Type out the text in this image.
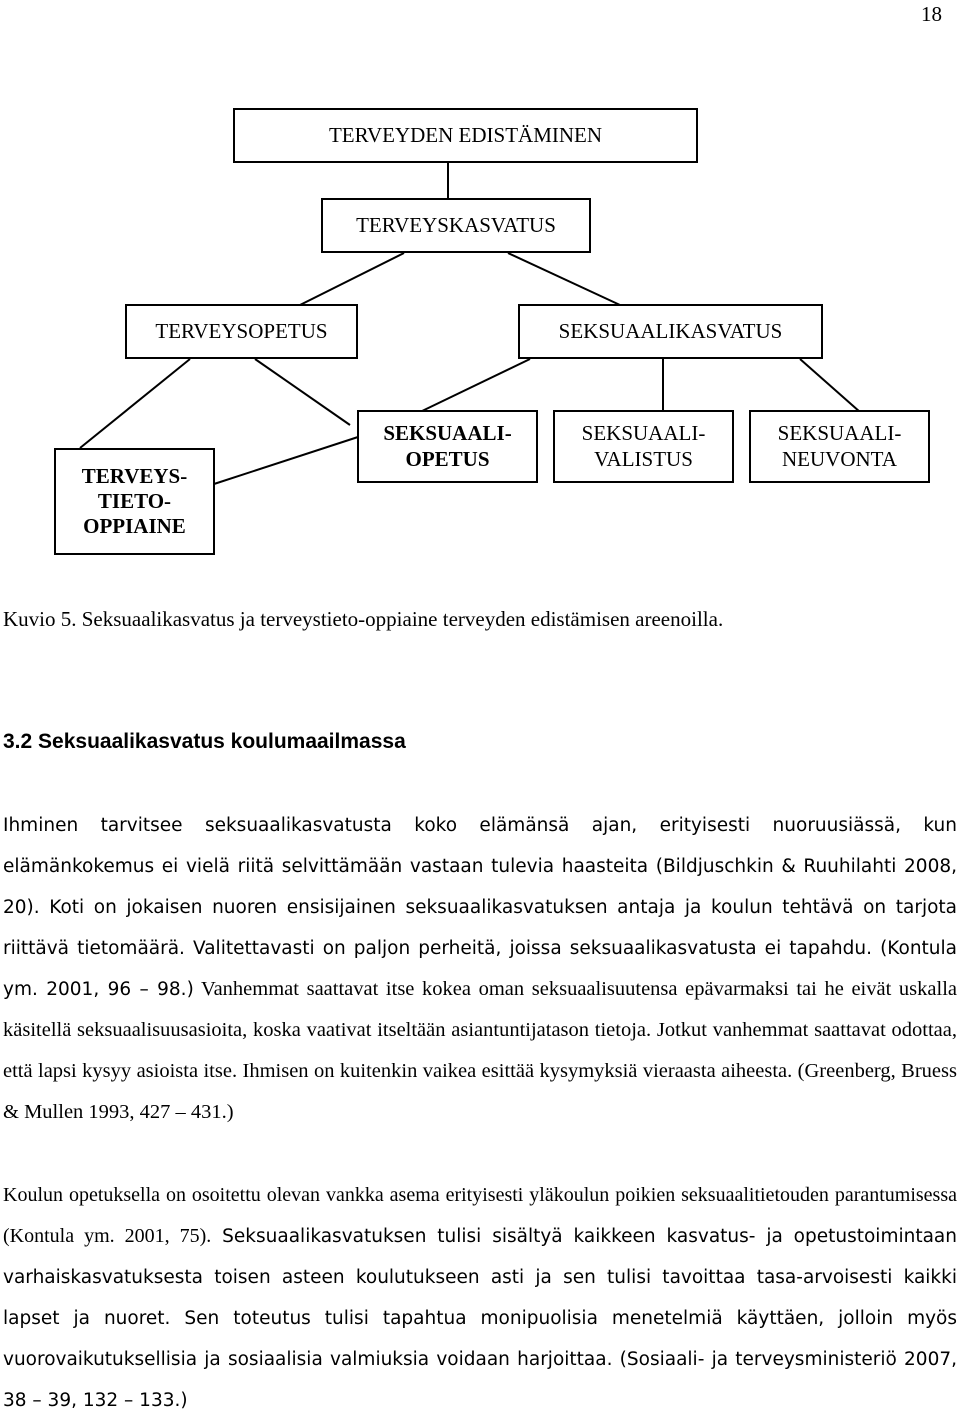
18
TERVEYDEN EDISTÄMINEN
TERVEYSKASVATUS
TERVEYSOPETUS	SEKSUAALIKASVATUS
TERVEYS-
TIETO-
OPPIAINE
SEKSUAALI-
OPETUS
SEKSUAALI-
VALISTUS
SEKSUAALI-
NEUVONTA
Kuvio 5. Seksuaalikasvatus ja terveystieto-oppiaine terveyden edistämisen areenoilla.
3.2 Seksuaalikasvatus koulumaailmassa

Ihminen tarvitsee seksuaalikasvatusta koko elämänsä ajan, erityisesti nuoruusiässä, kun elämänkokemus ei vielä riitä selvittämään vastaan tulevia haasteita (Bildjuschkin & Ruuhilahti 2008, 20). Koti on jokaisen nuoren ensisijainen seksuaalikasvatuksen antaja ja koulun tehtävä on tarjota riittävä tietomäärä. Valitettavasti on paljon perheitä, joissa seksuaalikasvatusta ei tapahdu. (Kontula ym. 2001, 96 – 98.) Vanhemmat saattavat itse kokea oman seksuaalisuutensa epävarmaksi tai he eivät uskalla käsitellä seksuaalisuusasioita, koska vaativat itseltään asiantuntijatason tietoja. Jotkut vanhemmat saattavat odottaa, että lapsi kysyy asioista itse. Ihmisen on kuitenkin vaikea esittää kysymyksiä vieraasta aiheesta. (Greenberg, Bruess & Mullen 1993, 427 – 431.)

Koulun opetuksella on osoitettu olevan vankka asema erityisesti yläkoulun poikien seksuaalitietouden parantumisessa (Kontula ym. 2001, 75). Seksuaalikasvatuksen tulisi sisältyä kaikkeen kasvatus- ja opetustoimintaan varhaiskasvatuksesta toisen asteen koulutukseen asti ja sen tulisi tavoittaa tasa-arvoisesti kaikki lapset ja nuoret. Sen toteutus tulisi tapahtua monipuolisia menetelmiä käyttäen, jolloin myös vuorovaikutuksellisia ja sosiaalisia valmiuksia voidaan harjoittaa. (Sosiaali- ja terveysministeriö 2007, 38 – 39, 132 – 133.)
